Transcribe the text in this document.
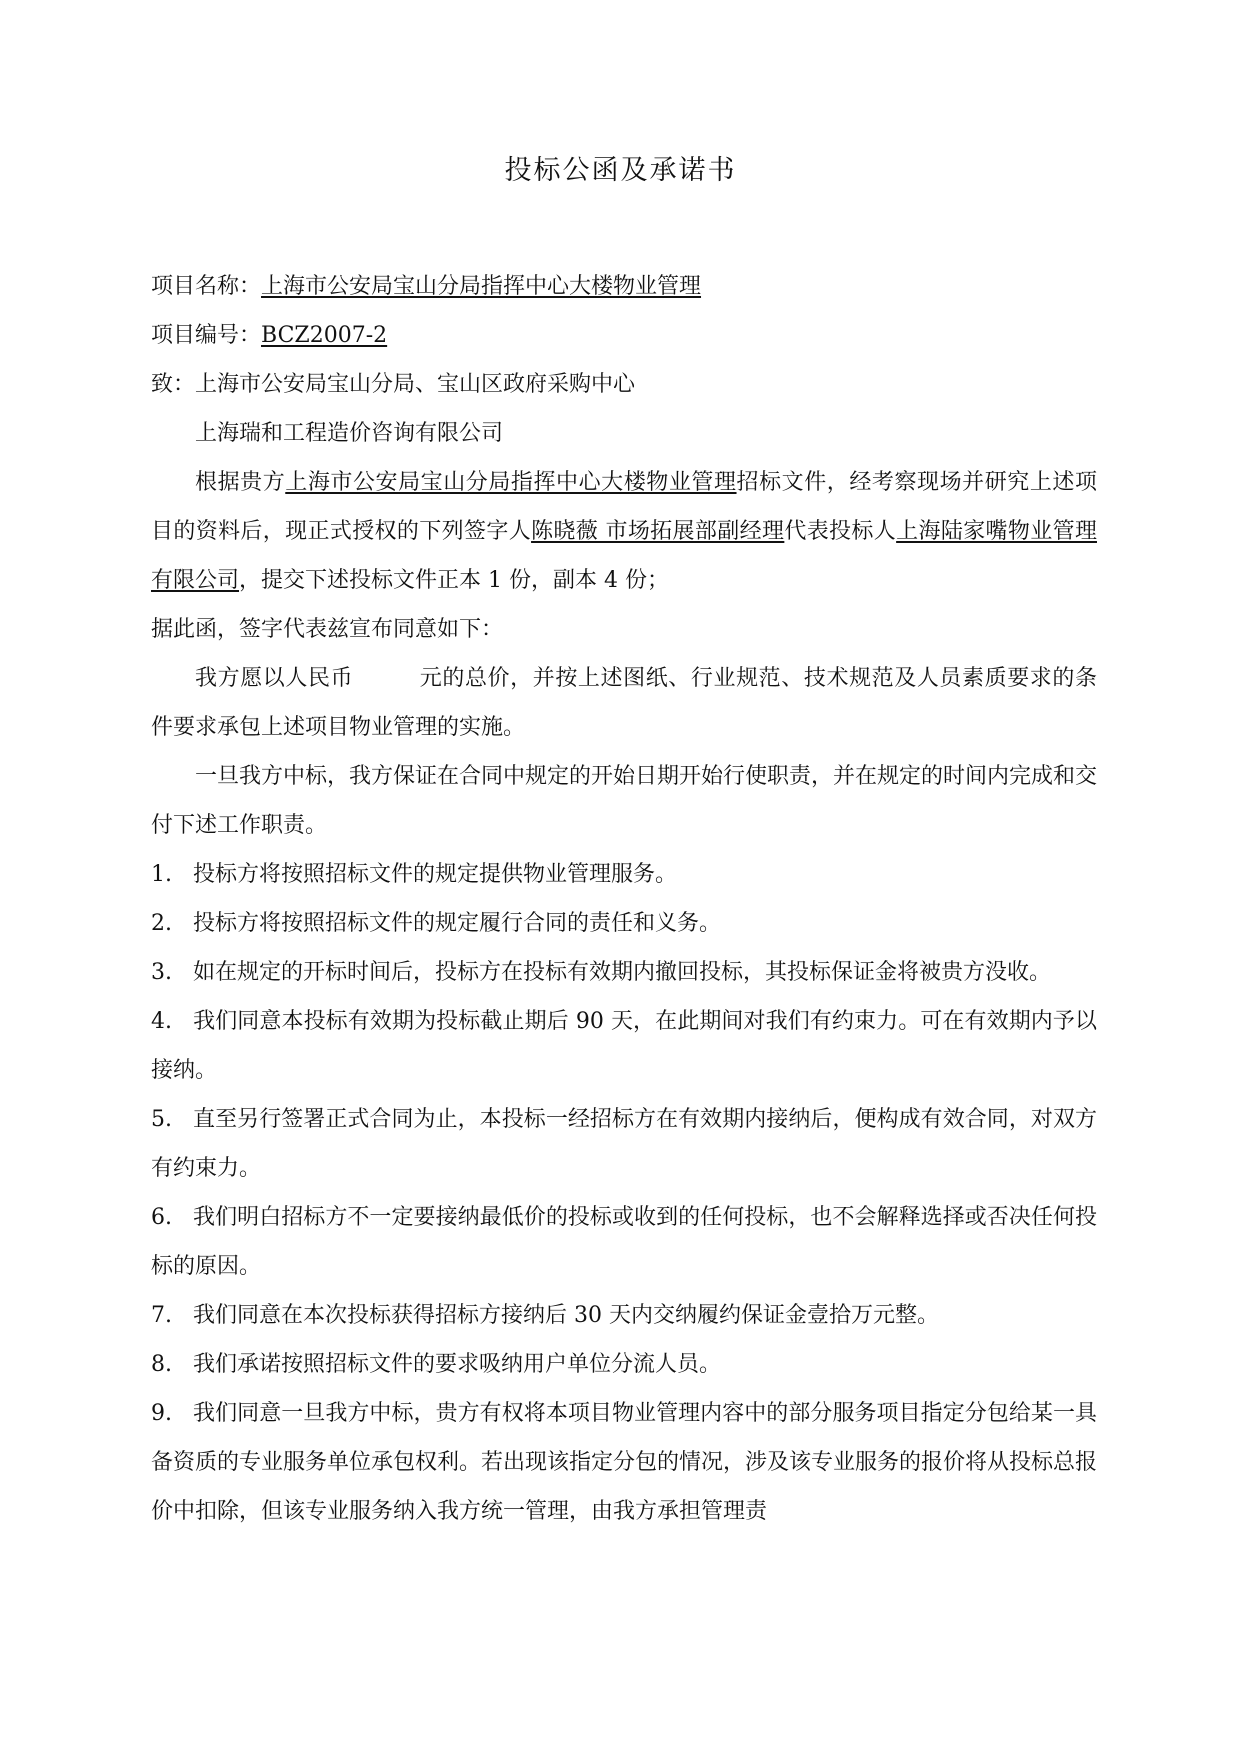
投标公函及承诺书
项目名称：上海市公安局宝山分局指挥中心大楼物业管理
项目编号：BCZ2007-2
致：上海市公安局宝山分局、宝山区政府采购中心
上海瑞和工程造价咨询有限公司
根据贵方上海市公安局宝山分局指挥中心大楼物业管理招标文件，经考察现场并研究上述项目的资料后，现正式授权的下列签字人陈晓薇 市场拓展部副经理代表投标人上海陆家嘴物业管理有限公司，提交下述投标文件正本 1 份，副本 4 份；
据此函，签字代表兹宣布同意如下：
我方愿以人民币	元的总价，并按上述图纸、行业规范、技术规范及人员素质要求的条件要求承包上述项目物业管理的实施。
一旦我方中标，我方保证在合同中规定的开始日期开始行使职责，并在规定的时间内完成和交付下述工作职责。
1. 投标方将按照招标文件的规定提供物业管理服务。
2. 投标方将按照招标文件的规定履行合同的责任和义务。
3. 如在规定的开标时间后，投标方在投标有效期内撤回投标，其投标保证金将被贵方没收。
4. 我们同意本投标有效期为投标截止期后 90 天，在此期间对我们有约束力。可在有效期内予以接纳。
5. 直至另行签署正式合同为止，本投标一经招标方在有效期内接纳后，便构成有效合同，对双方有约束力。
6. 我们明白招标方不一定要接纳最低价的投标或收到的任何投标，也不会解释选择或否决任何投标的原因。
7. 我们同意在本次投标获得招标方接纳后 30 天内交纳履约保证金壹拾万元整。
8. 我们承诺按照招标文件的要求吸纳用户单位分流人员。
9. 我们同意一旦我方中标，贵方有权将本项目物业管理内容中的部分服务项目指定分包给某一具备资质的专业服务单位承包权利。若出现该指定分包的情况，涉及该专业服务的报价将从投标总报价中扣除，但该专业服务纳入我方统一管理，由我方承担管理责
